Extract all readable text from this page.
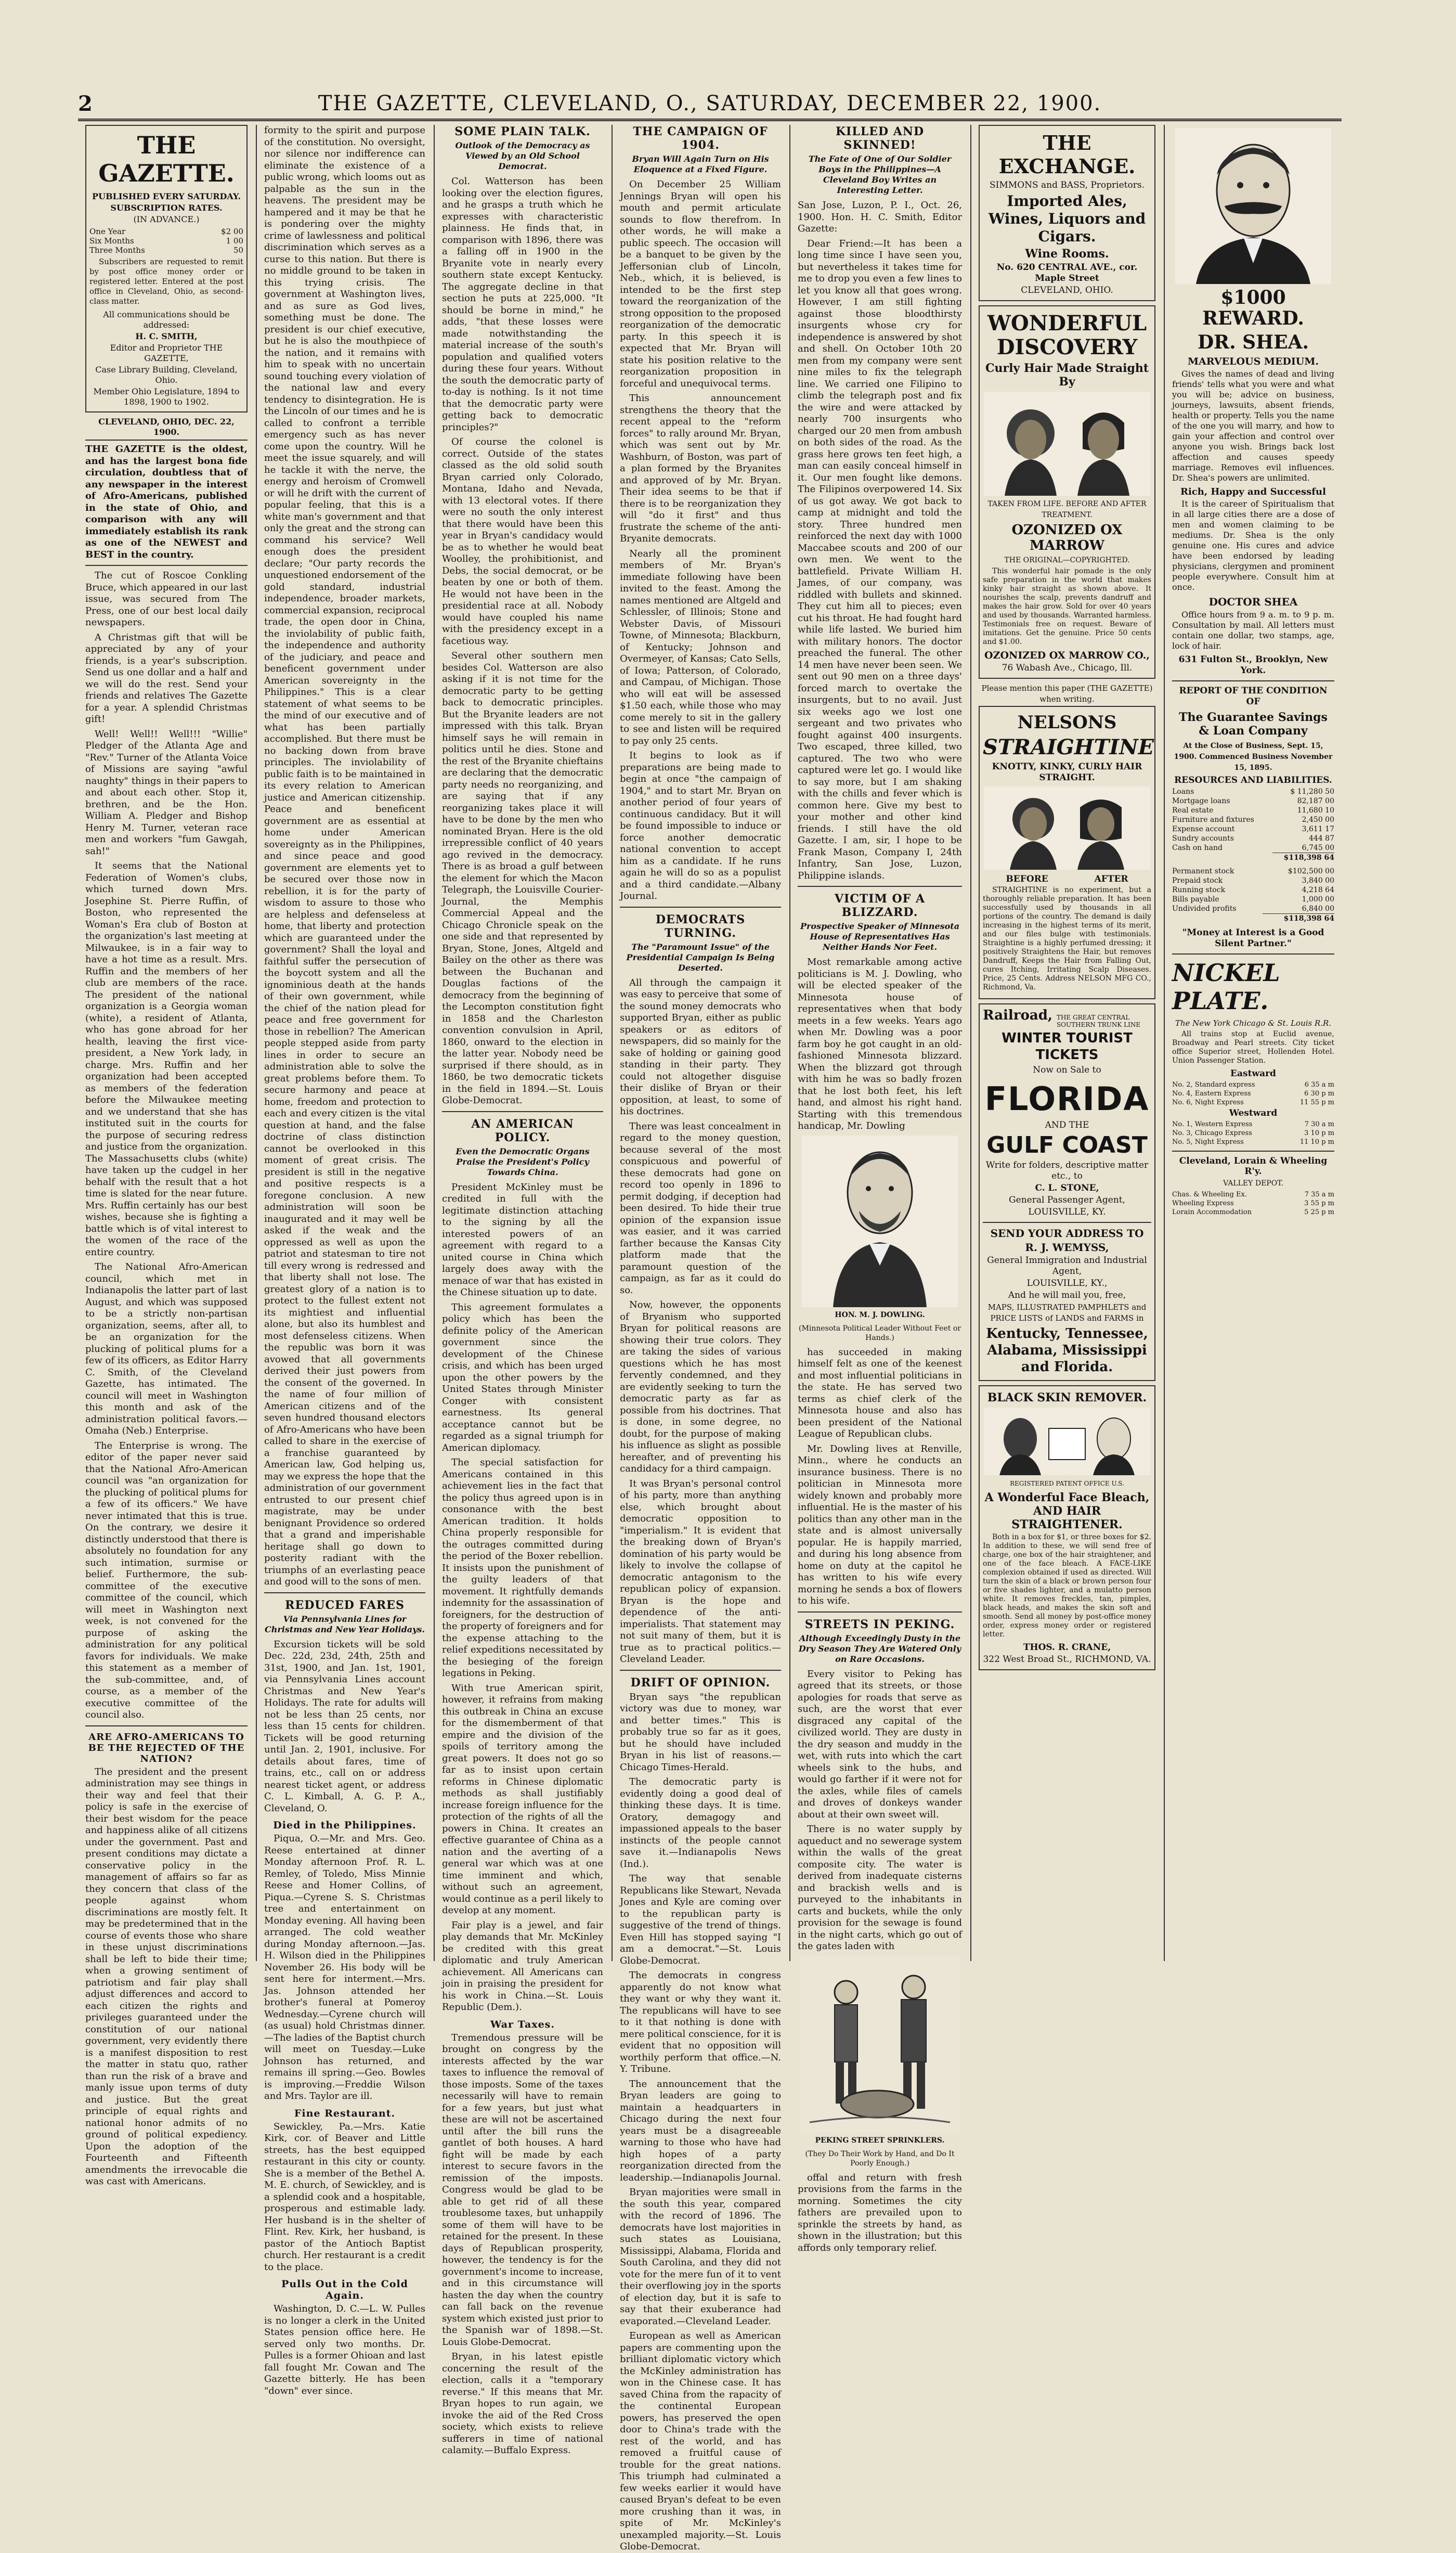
2	THE GAZETTE, CLEVELAND, O., SATURDAY, DECEMBER 22, 1900.
THE GAZETTE.
PUBLISHED EVERY SATURDAY.
SUBSCRIPTION RATES.
(IN ADVANCE.)
One Year	$2 00
Six Months	1 00
Three Months	50

Subscribers are requested to remit by post office money order or registered letter. Entered at the post office in Cleveland, Ohio, as second-class matter.

All communications should be addressed:
H. C. SMITH,
Editor and Proprietor THE GAZETTE,
Case Library Building, Cleveland, Ohio.
Member Ohio Legislature, 1894 to 1898, 1900 to 1902.
CLEVELAND, OHIO, DEC. 22, 1900.
THE GAZETTE is the oldest, and has the largest bona fide circulation, doubtless that of any newspaper in the interest of Afro-Americans, published in the state of Ohio, and comparison with any will immediately establish its rank as one of the NEWEST and BEST in the country.

The cut of Roscoe Conkling Bruce, which appeared in our last issue, was secured from The Press, one of our best local daily newspapers.

A Christmas gift that will be appreciated by any of your friends, is a year's subscription. Send us one dollar and a half and we will do the rest. Send your friends and relatives The Gazette for a year. A splendid Christmas gift!

Well! Well!! Well!!! "Willie" Pledger of the Atlanta Age and "Rev." Turner of the Atlanta Voice of Missions are saying "awful naughty" things in their papers to and about each other. Stop it, brethren, and be the Hon. William A. Pledger and Bishop Henry M. Turner, veteran race men and workers "fum Gawgah, sah!"

It seems that the National Federation of Women's clubs, which turned down Mrs. Josephine St. Pierre Ruffin, of Boston, who represented the Woman's Era club of Boston at the organization's last meeting at Milwaukee, is in a fair way to have a hot time as a result. Mrs. Ruffin and the members of her club are members of the race. The president of the national organization is a Georgia woman (white), a resident of Atlanta, who has gone abroad for her health, leaving the first vice-president, a New York lady, in charge. Mrs. Ruffin and her organization had been accepted as members of the federation before the Milwaukee meeting and we understand that she has instituted suit in the courts for the purpose of securing redress and justice from the organization. The Massachusetts clubs (white) have taken up the cudgel in her behalf with the result that a hot time is slated for the near future. Mrs. Ruffin certainly has our best wishes, because she is fighting a battle which is of vital interest to the women of the race of the entire country.

The National Afro-American council, which met in Indianapolis the latter part of last August, and which was supposed to be a strictly non-partisan organization, seems, after all, to be an organization for the plucking of political plums for a few of its officers, as Editor Harry C. Smith, of the Cleveland Gazette, has intimated. The council will meet in Washington this month and ask of the administration political favors.—Omaha (Neb.) Enterprise.

The Enterprise is wrong. The editor of the paper never said that the National Afro-American council was "an organization for the plucking of political plums for a few of its officers." We have never intimated that this is true. On the contrary, we desire it distinctly understood that there is absolutely no foundation for any such intimation, surmise or belief. Furthermore, the sub-committee of the executive committee of the council, which will meet in Washington next week, is not convened for the purpose of asking the administration for any political favors for individuals. We make this statement as a member of the sub-committee, and, of course, as a member of the executive committee of the council also.

ARE AFRO-AMERICANS TO BE THE REJECTED OF THE NATION?

The president and the present administration may see things in their way and feel that their policy is safe in the exercise of their best wisdom for the peace and happiness alike of all citizens under the government. Past and present conditions may dictate a conservative policy in the management of affairs so far as they concern that class of the people against whom discriminations are mostly felt. It may be predetermined that in the course of events those who share in these unjust discriminations shall be left to bide their time; when a growing sentiment of patriotism and fair play shall adjust differences and accord to each citizen the rights and privileges guaranteed under the constitution of our national government, very evidently there is a manifest disposition to rest the matter in statu quo, rather than run the risk of a brave and manly issue upon terms of duty and justice. But the great principle of equal rights and national honor admits of no ground of political expediency. Upon the adoption of the Fourteenth and Fifteenth amendments the irrevocable die was cast with Americans.

formity to the spirit and purpose of the constitution. No oversight, nor silence nor indifference can eliminate the existence of a public wrong, which looms out as palpable as the sun in the heavens. The president may be hampered and it may be that he is pondering over the mighty crime of lawlessness and political discrimination which serves as a curse to this nation. But there is no middle ground to be taken in this trying crisis. The government at Washington lives, and as sure as God lives, something must be done. The president is our chief executive, but he is also the mouthpiece of the nation, and it remains with him to speak with no uncertain sound touching every violation of the national law and every tendency to disintegration. He is the Lincoln of our times and he is called to confront a terrible emergency such as has never come upon the country. Will he meet the issue squarely, and will he tackle it with the nerve, the energy and heroism of Cromwell or will he drift with the current of popular feeling, that this is a white man's government and that only the great and the strong can command his service? Well enough does the president declare; "Our party records the unquestioned endorsement of the gold standard, industrial independence, broader markets, commercial expansion, reciprocal trade, the open door in China, the inviolability of public faith, the independence and authority of the judiciary, and peace and beneficent government under American sovereignty in the Philippines." This is a clear statement of what seems to be the mind of our executive and of what has been partially accomplished. But there must be no backing down from brave principles. The inviolability of public faith is to be maintained in its every relation to American justice and American citizenship. Peace and beneficent government are as essential at home under American sovereignty as in the Philippines, and since peace and good government are elements yet to be secured over those now in rebellion, it is for the party of wisdom to assure to those who are helpless and defenseless at home, that liberty and protection which are guaranteed under the government? Shall the loyal and faithful suffer the persecution of the boycott system and all the ignominious death at the hands of their own government, while the chief of the nation plead for peace and free government for those in rebellion? The American people stepped aside from party lines in order to secure an administration able to solve the great problems before them. To secure harmony and peace at home, freedom and protection to each and every citizen is the vital question at hand, and the false doctrine of class distinction cannot be overlooked in this moment of great crisis. The president is still in the negative and positive respects is a foregone conclusion. A new administration will soon be inaugurated and it may well be asked if the weak and the oppressed as well as upon the patriot and statesman to tire not till every wrong is redressed and that liberty shall not lose. The greatest glory of a nation is to protect to the fullest extent not its mightiest and influential alone, but also its humblest and most defenseless citizens. When the republic was born it was avowed that all governments derived their just powers from the consent of the governed. In the name of four million of American citizens and of the seven hundred thousand electors of Afro-Americans who have been called to share in the exercise of a franchise guaranteed by American law, God helping us, may we express the hope that the administration of our government entrusted to our present chief magistrate, may be under benignant Providence so ordered that a grand and imperishable heritage shall go down to posterity radiant with the triumphs of an everlasting peace and good will to the sons of men.

REDUCED FARES
Via Pennsylvania Lines for Christmas and New Year Holidays.

Excursion tickets will be sold Dec. 22d, 23d, 24th, 25th and 31st, 1900, and Jan. 1st, 1901, via Pennsylvania Lines account Christmas and New Year's Holidays. The rate for adults will not be less than 25 cents, nor less than 15 cents for children. Tickets will be good returning until Jan. 2, 1901, inclusive. For details about fares, time of trains, etc., call on or address nearest ticket agent, or address C. L. Kimball, A. G. P. A., Cleveland, O.

Died in the Philippines.

Piqua, O.—Mr. and Mrs. Geo. Reese entertained at dinner Monday afternoon Prof. R. L. Remley, of Toledo, Miss Minnie Reese and Homer Collins, of Piqua.—Cyrene S. S. Christmas tree and entertainment on Monday evening. All having been arranged. The cold weather during Monday afternoon.—Jas. H. Wilson died in the Philippines November 26. His body will be sent here for interment.—Mrs. Jas. Johnson attended her brother's funeral at Pomeroy Wednesday.—Cyrene church will (as usual) hold Christmas dinner.—The ladies of the Baptist church will meet on Tuesday.—Luke Johnson has returned, and remains ill spring.—Geo. Bowles is improving.—Freddie Wilson and Mrs. Taylor are ill.

Fine Restaurant.

Sewickley, Pa.—Mrs. Katie Kirk, cor. of Beaver and Little streets, has the best equipped restaurant in this city or county. She is a member of the Bethel A. M. E. church, of Sewickley, and is a splendid cook and a hospitable, prosperous and estimable lady. Her husband is in the shelter of Flint. Rev. Kirk, her husband, is pastor of the Antioch Baptist church. Her restaurant is a credit to the place.

Pulls Out in the Cold Again.

Washington, D. C.—L. W. Pulles is no longer a clerk in the United States pension office here. He served only two months. Dr. Pulles is a former Ohioan and last fall fought Mr. Cowan and The Gazette bitterly. He has been "down" ever since.

SOME PLAIN TALK.
Outlook of the Democracy as Viewed by an Old School Democrat.

Col. Watterson has been looking over the election figures, and he grasps a truth which he expresses with characteristic plainness. He finds that, in comparison with 1896, there was a falling off in 1900 in the Bryanite vote in nearly every southern state except Kentucky. The aggregate decline in that section he puts at 225,000. "It should be borne in mind," he adds, "that these losses were made notwithstanding the material increase of the south's population and qualified voters during these four years. Without the south the democratic party of to-day is nothing. Is it not time that the democratic party were getting back to democratic principles?"

Of course the colonel is correct. Outside of the states classed as the old solid south Bryan carried only Colorado, Montana, Idaho and Nevada, with 13 electoral votes. If there were no south the only interest that there would have been this year in Bryan's candidacy would be as to whether he would beat Woolley, the prohibitionist, and Debs, the social democrat, or be beaten by one or both of them. He would not have been in the presidential race at all. Nobody would have coupled his name with the presidency except in a facetious way.

Several other southern men besides Col. Watterson are also asking if it is not time for the democratic party to be getting back to democratic principles. But the Bryanite leaders are not impressed with this talk. Bryan himself says he will remain in politics until he dies. Stone and the rest of the Bryanite chieftains are declaring that the democratic party needs no reorganizing, and are saying that if any reorganizing takes place it will have to be done by the men who nominated Bryan. Here is the old irrepressible conflict of 40 years ago revived in the democracy. There is as broad a gulf between the element for which the Macon Telegraph, the Louisville Courier-Journal, the Memphis Commercial Appeal and the Chicago Chronicle speak on the one side and that represented by Bryan, Stone, Jones, Altgeld and Bailey on the other as there was between the Buchanan and Douglas factions of the democracy from the beginning of the Lecompton constitution fight in 1858 and the Charleston convention convulsion in April, 1860, onward to the election in the latter year. Nobody need be surprised if there should, as in 1860, be two democratic tickets in the field in 1894.—St. Louis Globe-Democrat.

AN AMERICAN POLICY.
Even the Democratic Organs Praise the President's Policy Towards China.

President McKinley must be credited in full with the legitimate distinction attaching to the signing by all the interested powers of an agreement with regard to a united course in China which largely does away with the menace of war that has existed in the Chinese situation up to date.

This agreement formulates a policy which has been the definite policy of the American government since the development of the Chinese crisis, and which has been urged upon the other powers by the United States through Minister Conger with consistent earnestness. Its general acceptance cannot but be regarded as a signal triumph for American diplomacy.

The special satisfaction for Americans contained in this achievement lies in the fact that the policy thus agreed upon is in consonance with the best American tradition. It holds China properly responsible for the outrages committed during the period of the Boxer rebellion. It insists upon the punishment of the guilty leaders of that movement. It rightfully demands indemnity for the assassination of foreigners, for the destruction of the property of foreigners and for the expense attaching to the relief expeditions necessitated by the besieging of the foreign legations in Peking.

With true American spirit, however, it refrains from making this outbreak in China an excuse for the dismemberment of that empire and the division of the spoils of territory among the great powers. It does not go so far as to insist upon certain reforms in Chinese diplomatic methods as shall justifiably increase foreign influence for the protection of the rights of all the powers in China. It creates an effective guarantee of China as a nation and the averting of a general war which was at one time imminent and which, without such an agreement, would continue as a peril likely to develop at any moment.

Fair play is a jewel, and fair play demands that Mr. McKinley be credited with this great diplomatic and truly American achievement. All Americans can join in praising the president for his work in China.—St. Louis Republic (Dem.).

War Taxes.

Tremendous pressure will be brought on congress by the interests affected by the war taxes to influence the removal of those imposts. Some of the taxes necessarily will have to remain for a few years, but just what these are will not be ascertained until after the bill runs the gantlet of both houses. A hard fight will be made by each interest to secure favors in the remission of the imposts. Congress would be glad to be able to get rid of all these troublesome taxes, but unhappily some of them will have to be retained for the present. In these days of Republican prosperity, however, the tendency is for the government's income to increase, and in this circumstance will hasten the day when the country can fall back on the revenue system which existed just prior to the Spanish war of 1898.—St. Louis Globe-Democrat.

Bryan, in his latest epistle concerning the result of the election, calls it a "temporary reverse." If this means that Mr. Bryan hopes to run again, we invoke the aid of the Red Cross society, which exists to relieve sufferers in time of national calamity.—Buffalo Express.

THE CAMPAIGN OF 1904.
Bryan Will Again Turn on His Eloquence at a Fixed Figure.

On December 25 William Jennings Bryan will open his mouth and permit articulate sounds to flow therefrom. In other words, he will make a public speech. The occasion will be a banquet to be given by the Jeffersonian club of Lincoln, Neb., which, it is believed, is intended to be the first step toward the reorganization of the strong opposition to the proposed reorganization of the democratic party. In this speech it is expected that Mr. Bryan will state his position relative to the reorganization proposition in forceful and unequivocal terms.

This announcement strengthens the theory that the recent appeal to the "reform forces" to rally around Mr. Bryan, which was sent out by Mr. Washburn, of Boston, was part of a plan formed by the Bryanites and approved of by Mr. Bryan. Their idea seems to be that if there is to be reorganization they will "do it first" and thus frustrate the scheme of the anti-Bryanite democrats.

Nearly all the prominent members of Mr. Bryan's immediate following have been invited to the feast. Among the names mentioned are Altgeld and Schlessler, of Illinois; Stone and Webster Davis, of Missouri Towne, of Minnesota; Blackburn, of Kentucky; Johnson and Overmeyer, of Kansas; Cato Sells, of Iowa; Patterson, of Colorado, and Campau, of Michigan. Those who will eat will be assessed $1.50 each, while those who may come merely to sit in the gallery to see and listen will be required to pay only 25 cents.

It begins to look as if preparations are being made to begin at once "the campaign of 1904," and to start Mr. Bryan on another period of four years of continuous candidacy. But it will be found impossible to induce or force another democratic national convention to accept him as a candidate. If he runs again he will do so as a populist and a third candidate.—Albany Journal.

DEMOCRATS TURNING.
The "Paramount Issue" of the Presidential Campaign Is Being Deserted.

All through the campaign it was easy to perceive that some of the sound money democrats who supported Bryan, either as public speakers or as editors of newspapers, did so mainly for the sake of holding or gaining good standing in their party. They could not altogether disguise their dislike of Bryan or their opposition, at least, to some of his doctrines.

There was least concealment in regard to the money question, because several of the most conspicuous and powerful of these democrats had gone on record too openly in 1896 to permit dodging, if deception had been desired. To hide their true opinion of the expansion issue was easier, and it was carried farther because the Kansas City platform made that the paramount question of the campaign, as far as it could do so.

Now, however, the opponents of Bryanism who supported Bryan for political reasons are showing their true colors. They are taking the sides of various questions which he has most fervently condemned, and they are evidently seeking to turn the democratic party as far as possible from his doctrines. That is done, in some degree, no doubt, for the purpose of making his influence as slight as possible hereafter, and of preventing his candidacy for a third campaign.

It was Bryan's personal control of his party, more than anything else, which brought about democratic opposition to "imperialism." It is evident that the breaking down of Bryan's domination of his party would be likely to involve the collapse of democratic antagonism to the republican policy of expansion. Bryan is the hope and dependence of the anti-imperialists. That statement may not suit many of them, but it is true as to practical politics.—Cleveland Leader.

DRIFT OF OPINION.

Bryan says "the republican victory was due to money, war and better times." This is probably true so far as it goes, but he should have included Bryan in his list of reasons.—Chicago Times-Herald.

The democratic party is evidently doing a good deal of thinking these days. It is time. Oratory, demagogy and impassioned appeals to the baser instincts of the people cannot save it.—Indianapolis News (Ind.).

The way that senable Republicans like Stewart, Nevada Jones and Kyle are coming over to the republican party is suggestive of the trend of things. Even Hill has stopped saying "I am a democrat."—St. Louis Globe-Democrat.

The democrats in congress apparently do not know what they want or why they want it. The republicans will have to see to it that nothing is done with mere political conscience, for it is evident that no opposition will worthily perform that office.—N. Y. Tribune.

The announcement that the Bryan leaders are going to maintain a headquarters in Chicago during the next four years must be a disagreeable warning to those who have had high hopes of a party reorganization directed from the leadership.—Indianapolis Journal.

Bryan majorities were small in the south this year, compared with the record of 1896. The democrats have lost majorities in such states as Louisiana, Mississippi, Alabama, Florida and South Carolina, and they did not vote for the mere fun of it to vent their overflowing joy in the sports of election day, but it is safe to say that their exuberance had evaporated.—Cleveland Leader.

European as well as American papers are commenting upon the brilliant diplomatic victory which the McKinley administration has won in the Chinese case. It has saved China from the rapacity of the continental European powers, has preserved the open door to China's trade with the rest of the world, and has removed a fruitful cause of trouble for the great nations. This triumph had culminated a few weeks earlier it would have caused Bryan's defeat to be even more crushing than it was, in spite of Mr. McKinley's unexampled majority.—St. Louis Globe-Democrat.

KILLED AND SKINNED!
The Fate of One of Our Soldier Boys in the Philippines—A Cleveland Boy Writes an Interesting Letter.

San Jose, Luzon, P. I., Oct. 26, 1900. Hon. H. C. Smith, Editor Gazette:

Dear Friend:—It has been a long time since I have seen you, but nevertheless it takes time for me to drop you even a few lines to let you know all that goes wrong. However, I am still fighting against those bloodthirsty insurgents whose cry for independence is answered by shot and shell. On October 10th 20 men from my company were sent nine miles to fix the telegraph line. We carried one Filipino to climb the telegraph post and fix the wire and were attacked by nearly 700 insurgents who charged our 20 men from ambush on both sides of the road. As the grass here grows ten feet high, a man can easily conceal himself in it. Our men fought like demons. The Filipinos overpowered 14. Six of us got away. We got back to camp at midnight and told the story. Three hundred men reinforced the next day with 1000 Maccabee scouts and 200 of our own men. We went to the battlefield. Private William H. James, of our company, was riddled with bullets and skinned. They cut him all to pieces; even cut his throat. He had fought hard while life lasted. We buried him with military honors. The doctor preached the funeral. The other 14 men have never been seen. We sent out 90 men on a three days' forced march to overtake the insurgents, but to no avail. Just six weeks ago we lost one sergeant and two privates who fought against 400 insurgents. Two escaped, three killed, two captured. The two who were captured were let go. I would like to say more, but I am shaking with the chills and fever which is common here. Give my best to your mother and other kind friends. I still have the old Gazette. I am, sir, I hope to be Frank Mason, Company I, 24th Infantry, San Jose, Luzon, Philippine islands.

VICTIM OF A BLIZZARD.
Prospective Speaker of Minnesota House of Representatives Has Neither Hands Nor Feet.

Most remarkable among active politicians is M. J. Dowling, who will be elected speaker of the Minnesota house of representatives when that body meets in a few weeks. Years ago when Mr. Dowling was a poor farm boy he got caught in an old-fashioned Minnesota blizzard. When the blizzard got through with him he was so badly frozen that he lost both feet, his left hand, and almost his right hand. Starting with this tremendous handicap, Mr. Dowling

HON. M. J. DOWLING.
(Minnesota Political Leader Without Feet or Hands.)

has succeeded in making himself felt as one of the keenest and most influential politicians in the state. He has served two terms as chief clerk of the Minnesota house and also has been president of the National League of Republican clubs.

Mr. Dowling lives at Renville, Minn., where he conducts an insurance business. There is no politician in Minnesota more widely known and probably more influential. He is the master of his politics than any other man in the state and is almost universally popular. He is happily married, and during his long absence from home on duty at the capitol he has written to his wife every morning he sends a box of flowers to his wife.

STREETS IN PEKING.
Although Exceedingly Dusty in the Dry Season They Are Watered Only on Rare Occasions.

Every visitor to Peking has agreed that its streets, or those apologies for roads that serve as such, are the worst that ever disgraced any capital of the civilized world. They are dusty in the dry season and muddy in the wet, with ruts into which the cart wheels sink to the hubs, and would go farther if it were not for the axles, while files of camels and droves of donkeys wander about at their own sweet will.

There is no water supply by aqueduct and no sewerage system within the walls of the great composite city. The water is derived from inadequate cisterns and brackish wells and is purveyed to the inhabitants in carts and buckets, while the only provision for the sewage is found in the night carts, which go out of the gates laden with

PEKING STREET SPRINKLERS.
(They Do Their Work by Hand, and Do It Poorly Enough.)

offal and return with fresh provisions from the farms in the morning. Sometimes the city fathers are prevailed upon to sprinkle the streets by hand, as shown in the illustration; but this affords only temporary relief.

THE EXCHANGE.
SIMMONS and BASS, Proprietors.
Imported Ales, Wines, Liquors and Cigars.
Wine Rooms.
No. 620 CENTRAL AVE., cor. Maple Street
CLEVELAND, OHIO.
WONDERFUL DISCOVERY
Curly Hair Made Straight By
TAKEN FROM LIFE. BEFORE AND AFTER TREATMENT.
OZONIZED OX MARROW
THE ORIGINAL—COPYRIGHTED.

This wonderful hair pomade is the only safe preparation in the world that makes kinky hair straight as shown above. It nourishes the scalp, prevents dandruff and makes the hair grow. Sold for over 40 years and used by thousands. Warranted harmless. Testimonials free on request. Beware of imitations. Get the genuine. Price 50 cents and $1.00.

OZONIZED OX MARROW CO.,
76 Wabash Ave., Chicago, Ill.
Please mention this paper (THE GAZETTE) when writing.
NELSONS
STRAIGHTINE
KNOTTY, KINKY, CURLY HAIR STRAIGHT.
BEFORE	AFTER

STRAIGHTINE is no experiment, but a thoroughly reliable preparation. It has been successfully used by thousands in all portions of the country. The demand is daily increasing in the highest terms of its merit, and our files bulge with testimonials. Straightine is a highly perfumed dressing; it positively Straightens the Hair, but removes Dandruff, Keeps the Hair from Falling Out, cures Itching, Irritating Scalp Diseases. Price, 25 Cents. Address NELSON MFG CO., Richmond, Va.

Railroad, THE GREAT CENTRAL SOUTHERN TRUNK LINE
WINTER TOURIST TICKETS
Now on Sale to
FLORIDA
AND THE
GULF COAST
Write for folders, descriptive matter etc., to
C. L. STONE,
General Passenger Agent,
LOUISVILLE, KY.
SEND YOUR ADDRESS TO
R. J. WEMYSS,
General Immigration and Industrial Agent,
LOUISVILLE, KY.,
And he will mail you, free,
MAPS, ILLUSTRATED PAMPHLETS and PRICE LISTS of LANDS and FARMS in
Kentucky, Tennessee, Alabama, Mississippi and Florida.
BLACK SKIN REMOVER.
REGISTERED PATENT OFFICE U.S.
A Wonderful Face Bleach, AND HAIR STRAIGHTENER.

Both in a box for $1, or three boxes for $2. In addition to these, we will send free of charge, one box of the hair straightener, and one of the face bleach. A FACE-LIKE complexion obtained if used as directed. Will turn the skin of a black or brown person four or five shades lighter, and a mulatto person white. It removes freckles, tan, pimples, black heads, and makes the skin soft and smooth. Send all money by post-office money order, express money order or registered letter.

THOS. R. CRANE,
322 West Broad St., RICHMOND, VA.
$1000 REWARD.
DR. SHEA.
MARVELOUS MEDIUM.

Gives the names of dead and living friends' tells what you were and what you will be; advice on business, journeys, lawsuits, absent friends, health or property. Tells you the name of the one you will marry, and how to gain your affection and control over anyone you wish. Brings back lost affection and causes speedy marriage. Removes evil influences. Dr. Shea's powers are unlimited.

Rich, Happy and Successful

It is the career of Spiritualism that in all large cities there are a dose of men and women claiming to be mediums. Dr. Shea is the only genuine one. His cures and advice have been endorsed by leading physicians, clergymen and prominent people everywhere. Consult him at once.

DOCTOR SHEA

Office hours from 9 a. m. to 9 p. m. Consultation by mail. All letters must contain one dollar, two stamps, age, lock of hair.

631 Fulton St., Brooklyn, New York.
REPORT OF THE CONDITION OF
The Guarantee Savings & Loan Company
At the Close of Business, Sept. 15, 1900. Commenced Business November 15, 1895.
RESOURCES AND LIABILITIES.
Loans	$ 11,280 50
Mortgage loans	82,187 00
Real estate	11,680 10
Furniture and fixtures	2,450 00
Expense account	3,611 17
Sundry accounts	444 87
Cash on hand	6,745 00
	$118,398 64
Permanent stock	$102,500 00
Prepaid stock	3,840 00
Running stock	4,218 64
Bills payable	1,000 00
Undivided profits	6,840 00
	$118,398 64
"Money at Interest is a Good Silent Partner."
NICKEL PLATE.
The New York Chicago & St. Louis R.R.

All trains stop at Euclid avenue, Broadway and Pearl streets. City ticket office Superior street, Hollenden Hotel. Union Passenger Station.

Eastward
No. 2, Standard express	6 35 a m
No. 4, Eastern Express	6 30 p m
No. 6, Night Express	11 55 p m
Westward
No. 1, Western Express	7 30 a m
No. 3, Chicago Express	3 10 p m
No. 5, Night Express	11 10 p m
Cleveland, Lorain & Wheeling R'y.
VALLEY DEPOT.
Chas. & Wheeling Ex.	7 35 a m
Wheeling Express	3 55 p m
Lorain Accommodation	5 25 p m
